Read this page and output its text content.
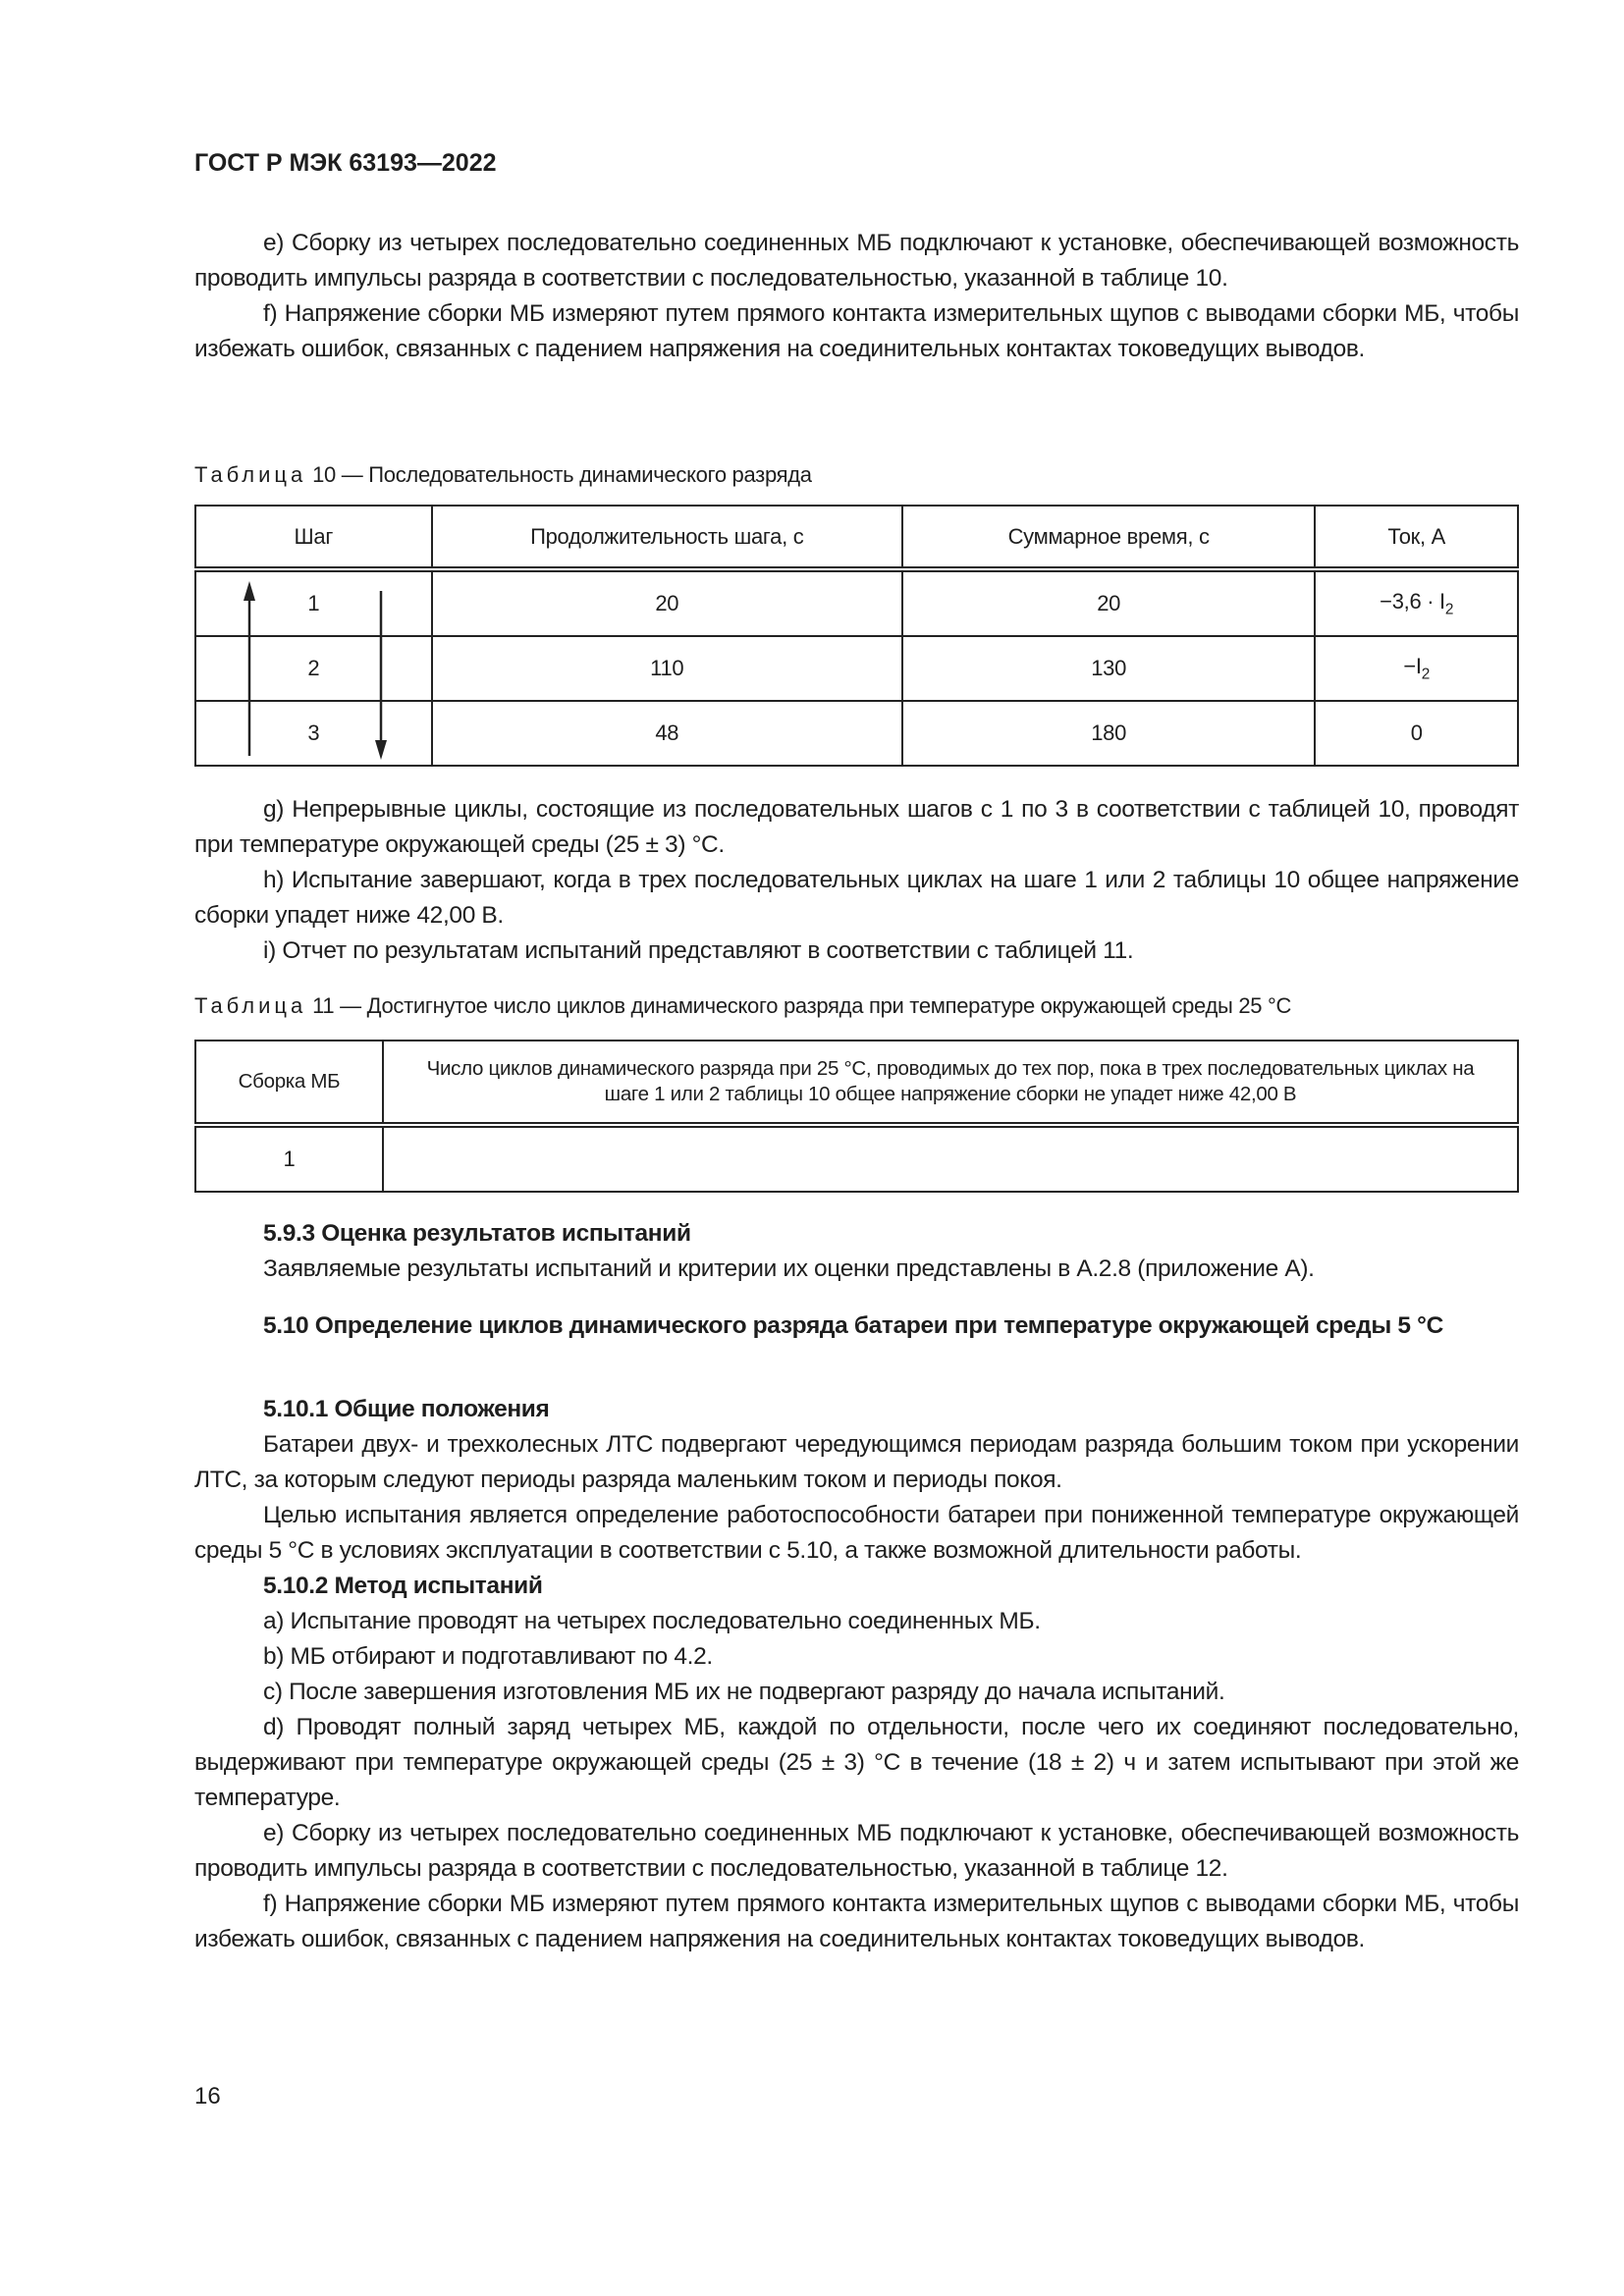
ГОСТ Р МЭК 63193—2022

e) Сборку из четырех последовательно соединенных МБ подключают к установке, обеспечивающей возможность проводить импульсы разряда в соответствии с последовательностью, указанной в таблице 10.

f) Напряжение сборки МБ измеряют путем прямого контакта измерительных щупов с выводами сборки МБ, чтобы избежать ошибок, связанных с падением напряжения на соединительных контактах токоведущих выводов.

Таблица 10 — Последовательность динамического разряда
Шаг	Продолжительность шага, с	Суммарное время, с	Ток, А
1	20	20	$-3,6 \cdot I_2$
2	110	130	$-I_2$
3	48	180	0

g) Непрерывные циклы, состоящие из последовательных шагов с 1 по 3 в соответствии с таблицей 10, проводят при температуре окружающей среды (25 ± 3) °С.

h) Испытание завершают, когда в трех последовательных циклах на шаге 1 или 2 таблицы 10 общее напряжение сборки упадет ниже 42,00 В.

i) Отчет по результатам испытаний представляют в соответствии с таблицей 11.

Таблица 11 — Достигнутое число циклов динамического разряда при температуре окружающей среды 25 °С
Сборка МБ	Число циклов динамического разряда при 25 °С, проводимых до тех пор, пока в трех последовательных циклах на шаге 1 или 2 таблицы 10 общее напряжение сборки не упадет ниже 42,00 В
1	

5.9.3 Оценка результатов испытаний

Заявляемые результаты испытаний и критерии их оценки представлены в А.2.8 (приложение А).

5.10 Определение циклов динамического разряда батареи при температуре окружающей среды 5 °С

5.10.1 Общие положения

Батареи двух- и трехколесных ЛТС подвергают чередующимся периодам разряда большим током при ускорении ЛТС, за которым следуют периоды разряда маленьким током и периоды покоя.

Целью испытания является определение работоспособности батареи при пониженной температуре окружающей среды 5 °С в условиях эксплуатации в соответствии с 5.10, а также возможной длительности работы.

5.10.2 Метод испытаний

a) Испытание проводят на четырех последовательно соединенных МБ.

b) МБ отбирают и подготавливают по 4.2.

c) После завершения изготовления МБ их не подвергают разряду до начала испытаний.

d) Проводят полный заряд четырех МБ, каждой по отдельности, после чего их соединяют последовательно, выдерживают при температуре окружающей среды (25 ± 3) °С в течение (18 ± 2) ч и затем испытывают при этой же температуре.

e) Сборку из четырех последовательно соединенных МБ подключают к установке, обеспечивающей возможность проводить импульсы разряда в соответствии с последовательностью, указанной в таблице 12.

f) Напряжение сборки МБ измеряют путем прямого контакта измерительных щупов с выводами сборки МБ, чтобы избежать ошибок, связанных с падением напряжения на соединительных контактах токоведущих выводов.

16
